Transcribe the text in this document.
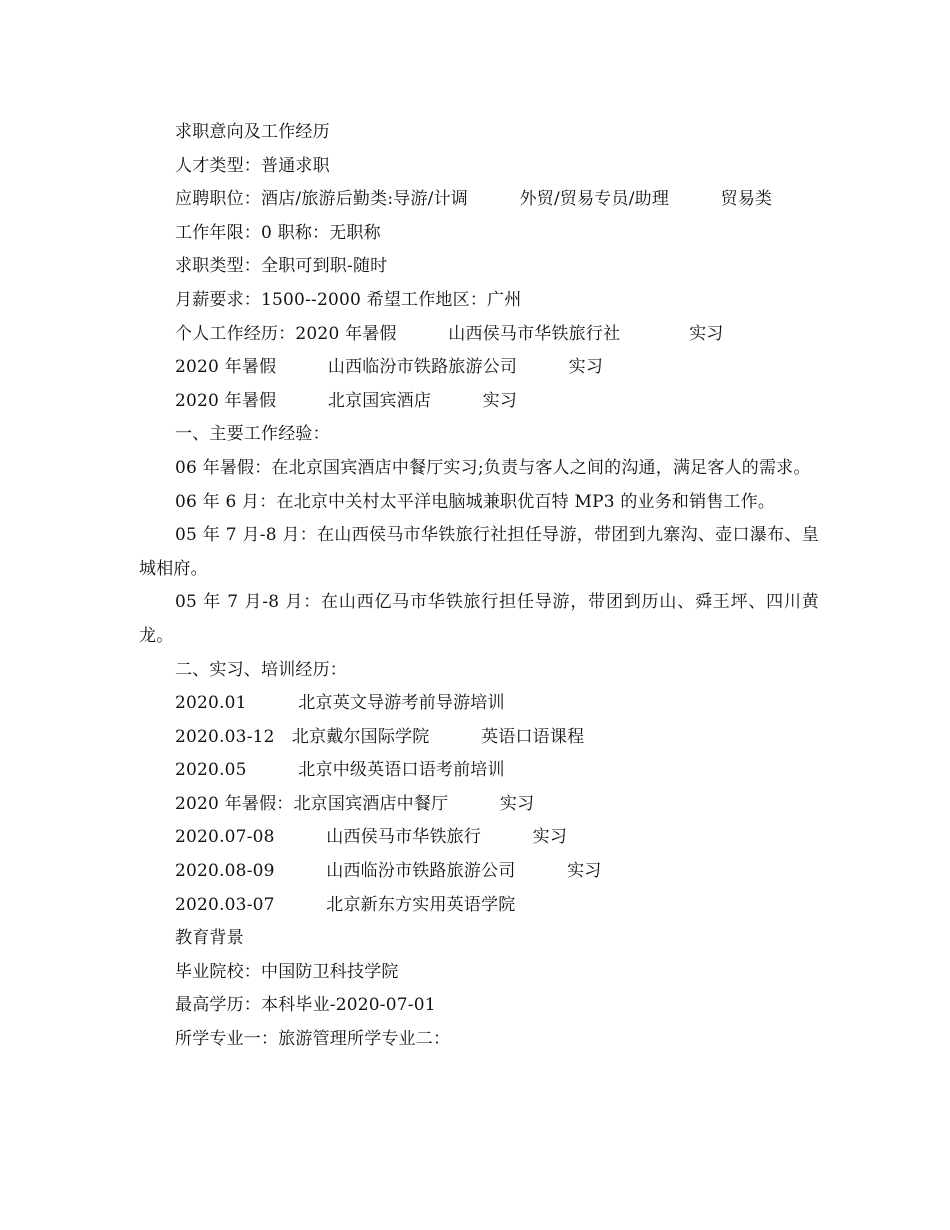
求职意向及工作经历
人才类型：普通求职
应聘职位：酒店/旅游后勤类:导游/计调　　　外贸/贸易专员/助理　　　贸易类
工作年限：0 职称：无职称
求职类型：全职可到职-随时
月薪要求：1500--2000 希望工作地区：广州
个人工作经历：2020 年暑假　　　山西侯马市华铁旅行社　　　　实习
2020 年暑假　　　山西临汾市铁路旅游公司　　　实习
2020 年暑假　　　北京国宾酒店　　　实习
一、主要工作经验：
06 年暑假：在北京国宾酒店中餐厅实习;负责与客人之间的沟通，满足客人的需求。
06 年 6 月：在北京中关村太平洋电脑城兼职优百特 MP3 的业务和销售工作。
05 年 7 月-8 月：在山西侯马市华铁旅行社担任导游，带团到九寨沟、壶口瀑布、皇城相府。
05 年 7 月-8 月：在山西亿马市华铁旅行担任导游，带团到历山、舜王坪、四川黄龙。
二、实习、培训经历：
2020.01　　　北京英文导游考前导游培训
2020.03-12　北京戴尔国际学院　　　英语口语课程
2020.05　　　北京中级英语口语考前培训
2020 年暑假：北京国宾酒店中餐厅　　　实习
2020.07-08　　　山西侯马市华铁旅行　　　实习
2020.08-09　　　山西临汾市铁路旅游公司　　　实习
2020.03-07　　　北京新东方实用英语学院
教育背景
毕业院校：中国防卫科技学院
最高学历：本科毕业-2020-07-01
所学专业一：旅游管理所学专业二：
